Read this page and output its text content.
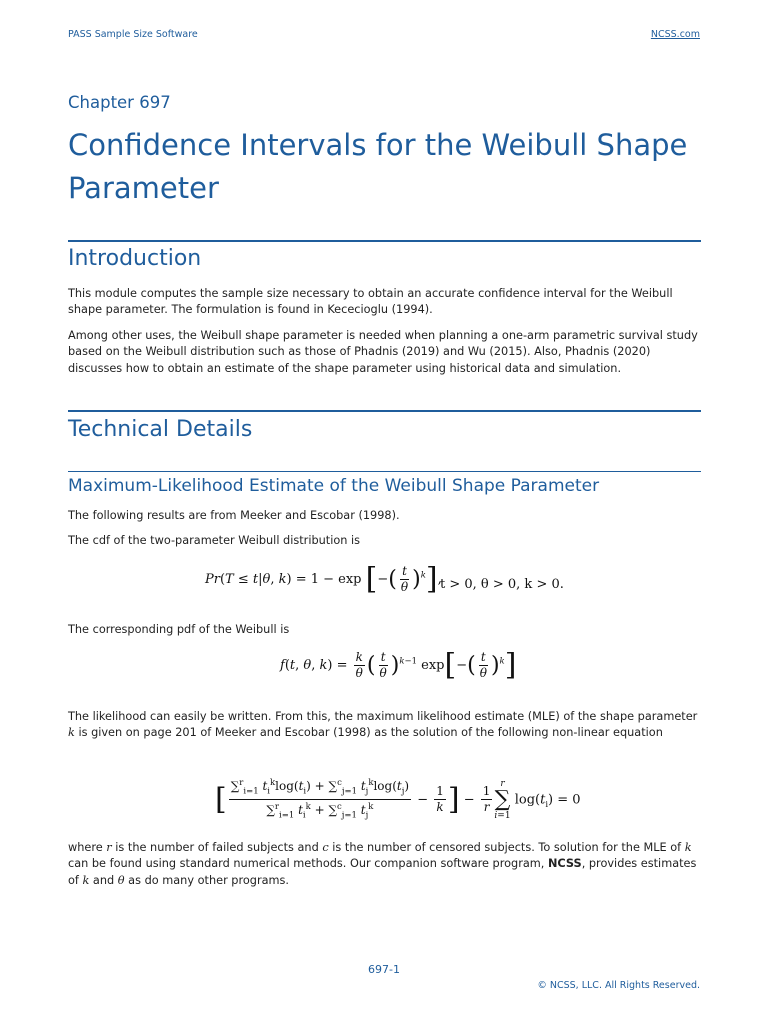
PASS Sample Size Software	NCSS.com
Chapter 697
Confidence Intervals for the Weibull Shape Parameter
Introduction
This module computes the sample size necessary to obtain an accurate confidence interval for the Weibull shape parameter. The formulation is found in Kececioglu (1994).
Among other uses, the Weibull shape parameter is needed when planning a one-arm parametric survival study based on the Weibull distribution such as those of Phadnis (2019) and Wu (2015). Also, Phadnis (2020) discusses how to obtain an estimate of the shape parameter using historical data and simulation.
Technical Details
Maximum-Likelihood Estimate of the Weibull Shape Parameter
The following results are from Meeker and Escobar (1998).
The cdf of the two-parameter Weibull distribution is
Pr(T ≤ t|θ, k) = 1 − exp [−( $\frac{t}{\theta} )^k$],
t > 0, θ > 0, k > 0.
The corresponding pdf of the Weibull is
f(t, θ, $k) = \frac{k}{\theta}$ ( $\frac{t}{\theta} )^{k-1}$ $\exp[-( \frac{t}{\theta} )^k]$
The likelihood can easily be written. From this, the maximum likelihood estimate (MLE) of the shape parameter k is given on page 201 of Meeker and Escobar (1998) as the solution of the following non-linear equation
[ $\frac{\sum^r_{i=1} t_i^k\log(t_i) + \sum^c_{j=1} t_j^k\log(t_j)}{\sum^r_{i=1} t_i^k + \sum^c_{j=1} t_j^k} - \frac{1}{k}$ ] − $\frac{1}{r}$
r
∑
i=1
$\log(t_i) = 0$
where r is the number of failed subjects and c is the number of censored subjects. To solution for the MLE of k can be found using standard numerical methods. Our companion software program, NCSS, provides estimates of k and θ as do many other programs.
697-1
© NCSS, LLC. All Rights Reserved.
